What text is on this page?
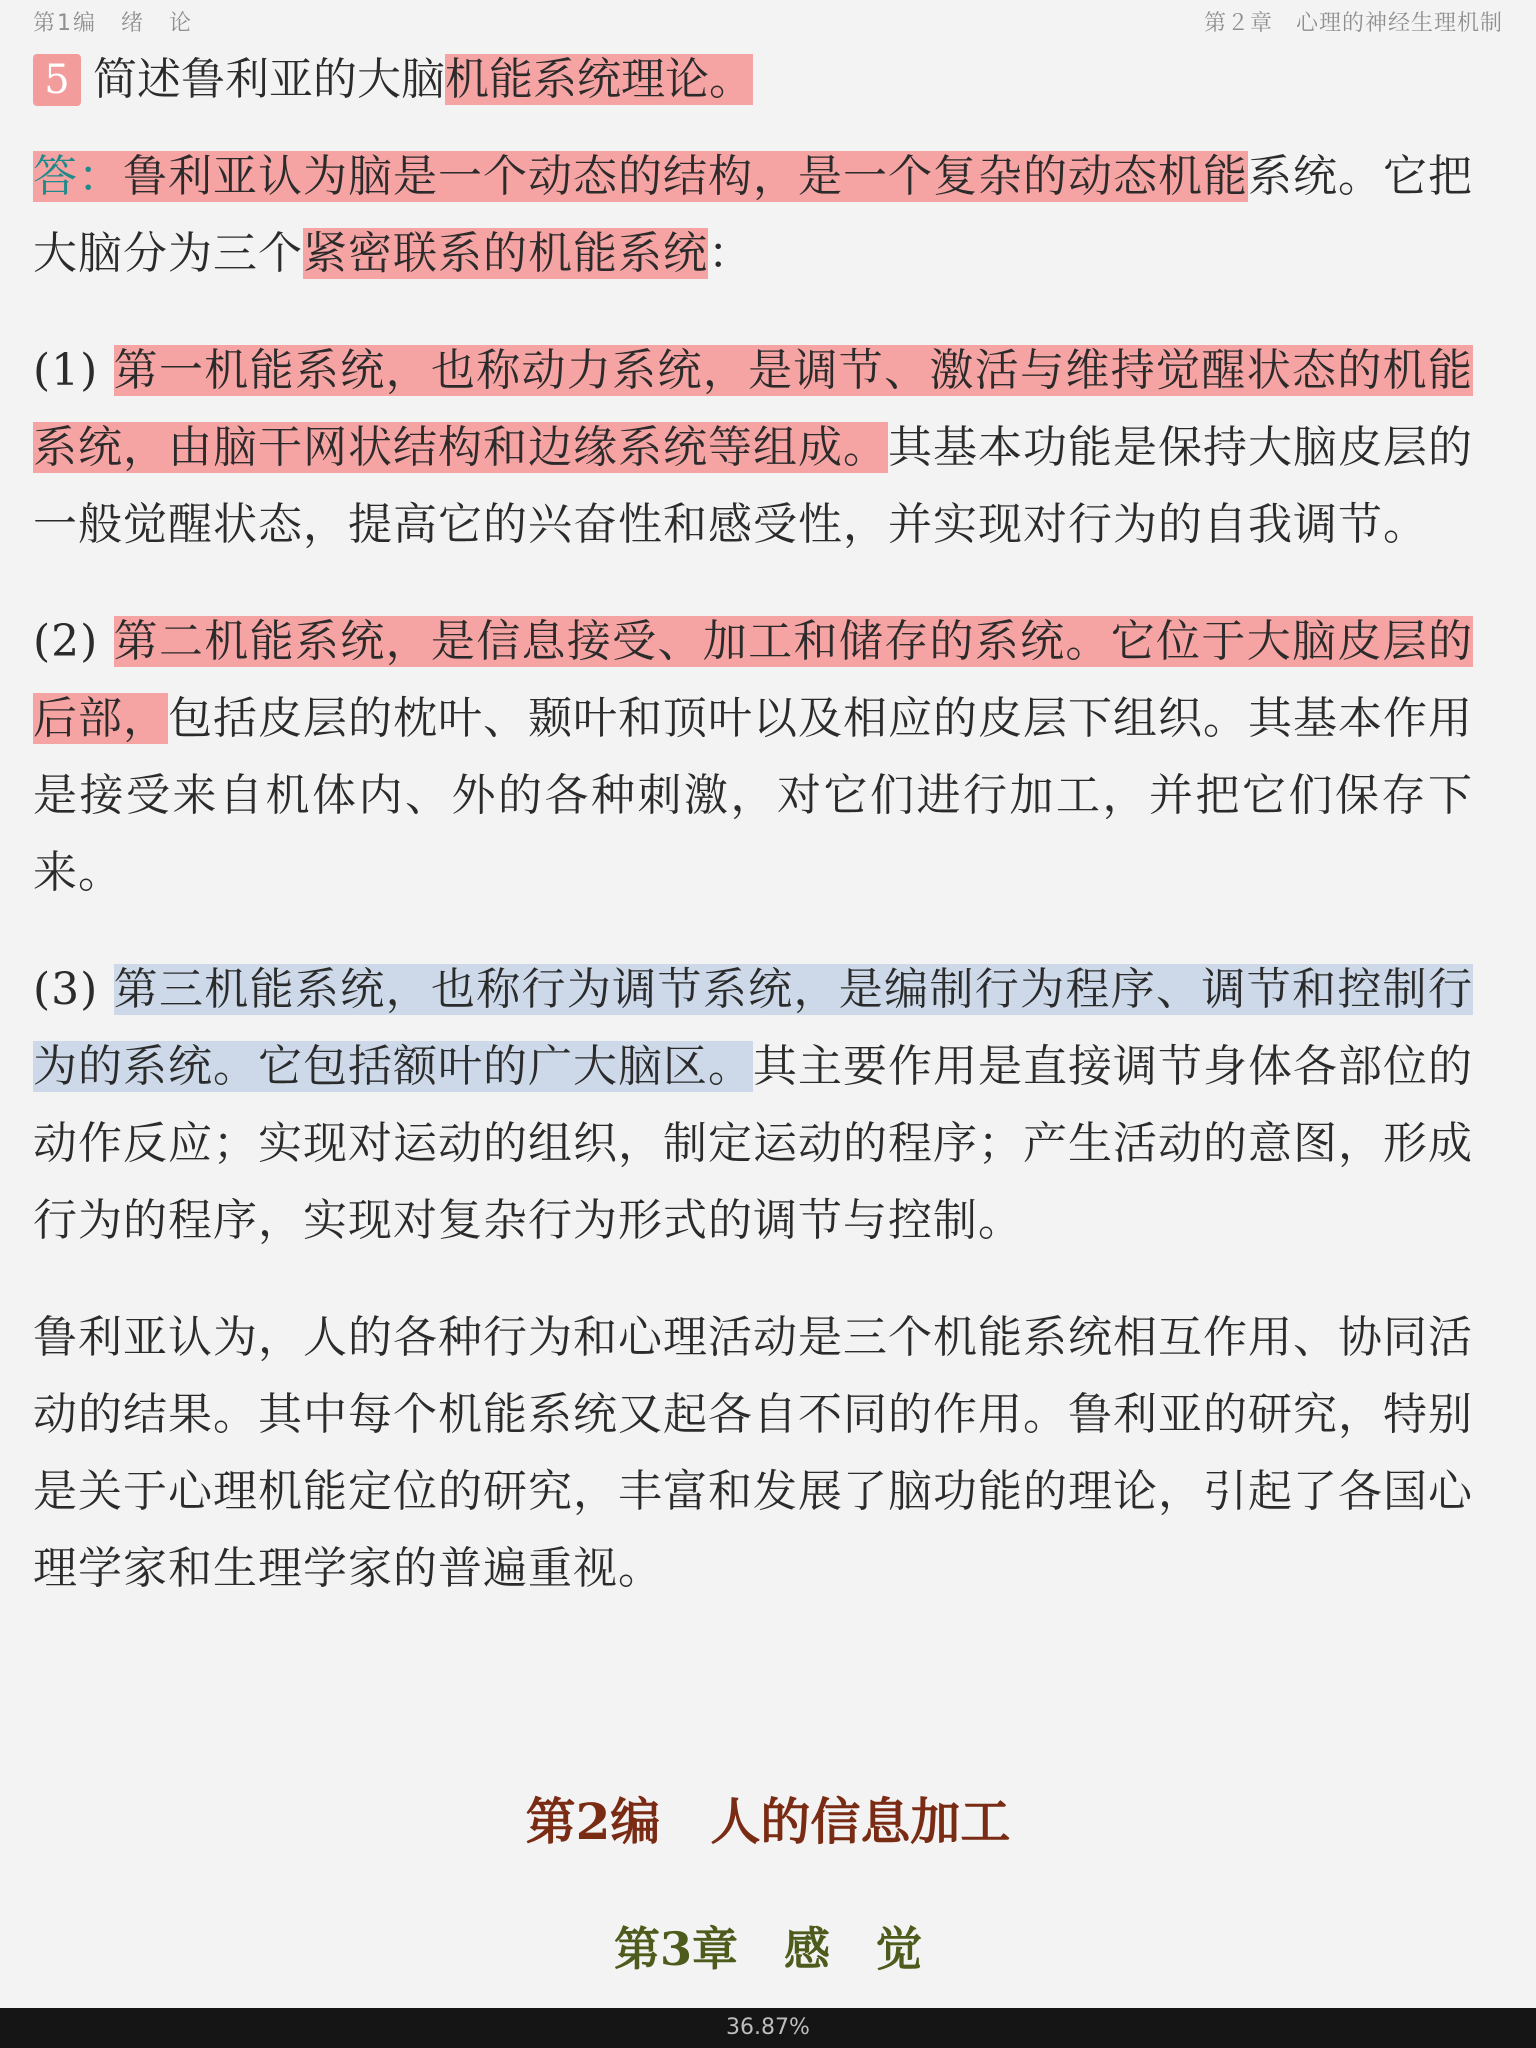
第1编　绪　论	第２章　心理的神经生理机制
5 简述鲁利亚的大脑机能系统理论。

答：鲁利亚认为脑是一个动态的结构，是一个复杂的动态机能系统。它把大脑分为三个紧密联系的机能系统：

(1) 第一机能系统，也称动力系统，是调节、激活与维持觉醒状态的机能系统，由脑干网状结构和边缘系统等组成。其基本功能是保持大脑皮层的一般觉醒状态，提高它的兴奋性和感受性，并实现对行为的自我调节。

(2) 第二机能系统，是信息接受、加工和储存的系统。它位于大脑皮层的后部，包括皮层的枕叶、颞叶和顶叶以及相应的皮层下组织。其基本作用是接受来自机体内、外的各种刺激，对它们进行加工，并把它们保存下来。

(3) 第三机能系统，也称行为调节系统，是编制行为程序、调节和控制行为的系统。它包括额叶的广大脑区。其主要作用是直接调节身体各部位的动作反应；实现对运动的组织，制定运动的程序；产生活动的意图，形成行为的程序，实现对复杂行为形式的调节与控制。

鲁利亚认为，人的各种行为和心理活动是三个机能系统相互作用、协同活动的结果。其中每个机能系统又起各自不同的作用。鲁利亚的研究，特别是关于心理机能定位的研究，丰富和发展了脑功能的理论，引起了各国心理学家和生理学家的普遍重视。

第2编　人的信息加工
第3章　感　觉
36.87%
